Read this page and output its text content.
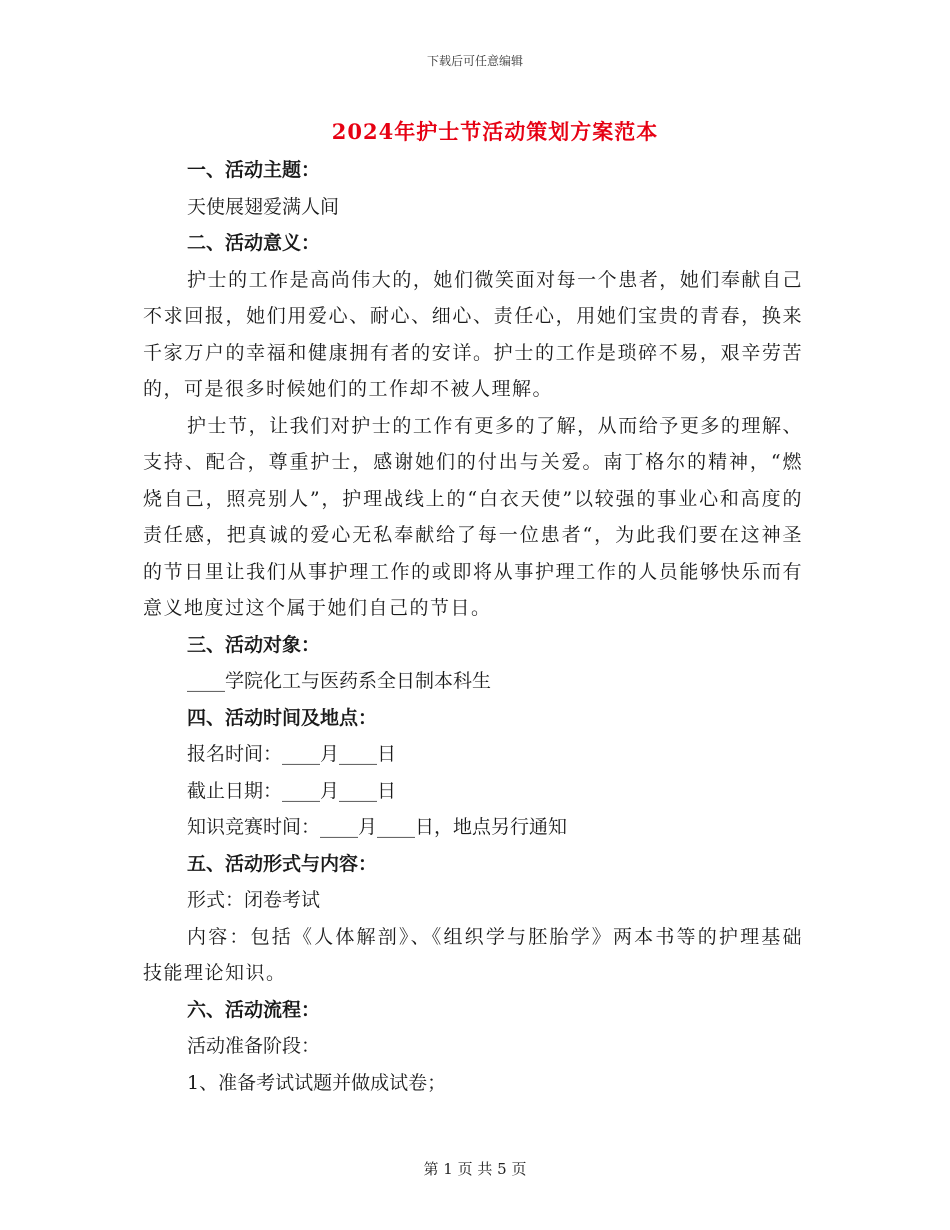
下载后可任意编辑
2024年护士节活动策划方案范本

一、活动主题：

天使展翅爱满人间

二、活动意义：

护士的工作是高尚伟大的，她们微笑面对每一个患者，她们奉献自己不求回报，她们用爱心、耐心、细心、责任心，用她们宝贵的青春，换来千家万户的幸福和健康拥有者的安详。护士的工作是琐碎不易，艰辛劳苦的，可是很多时候她们的工作却不被人理解。

护士节，让我们对护士的工作有更多的了解，从而给予更多的理解、支持、配合，尊重护士，感谢她们的付出与关爱。南丁格尔的精神，“燃烧自己，照亮别人”，护理战线上的“白衣天使”以较强的事业心和高度的责任感，把真诚的爱心无私奉献给了每一位患者“，为此我们要在这神圣的节日里让我们从事护理工作的或即将从事护理工作的人员能够快乐而有意义地度过这个属于她们自己的节日。

三、活动对象：

____学院化工与医药系全日制本科生

四、活动时间及地点：

报名时间：____月____日

截止日期：____月____日

知识竞赛时间：____月____日，地点另行通知

五、活动形式与内容：

形式：闭卷考试

内容：包括《人体解剖》、《组织学与胚胎学》两本书等的护理基础技能理论知识。

六、活动流程：

活动准备阶段：

1、准备考试试题并做成试卷；

第 1 页 共 5 页
